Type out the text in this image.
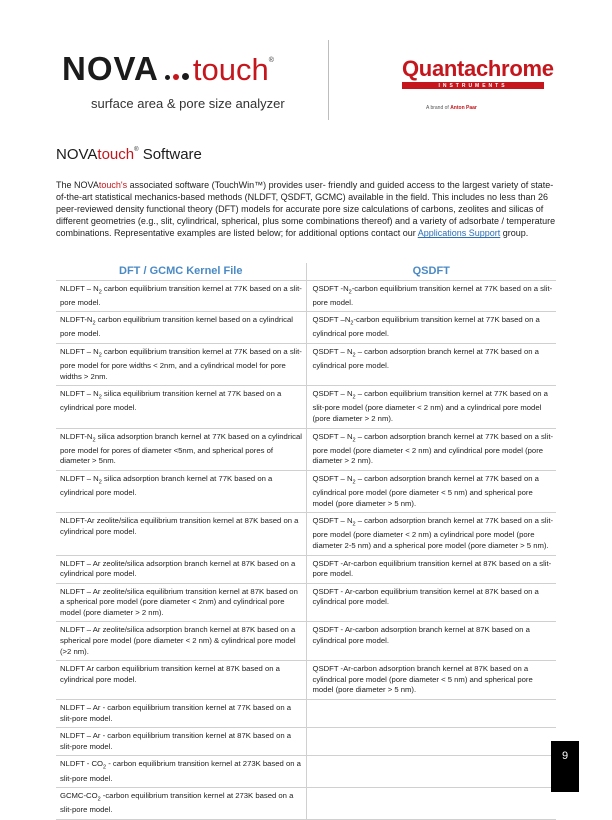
NOVA touch ®
surface area & pore size analyzer
Quantachrome
INSTRUMENTS
A brand of Anton Paar
NOVAtouch® Software

The NOVAtouch's associated software (TouchWin™) provides user- friendly and guided access to the largest variety of state-of-the-art statistical mechanics-based methods (NLDFT, QSDFT, GCMC) available in the field. This includes no less than 26 peer-reviewed density functional theory (DFT) models for accurate pore size calculations of carbons, zeolites and silicas of different geometries (e.g., slit, cylindrical, spherical, plus some combinations thereof) and a variety of adsorbate / temperature combinations. Representative examples are listed below; for additional options contact our Applications Support group.

DFT / GCMC Kernel File	QSDFT
NLDFT – $N_2$ carbon equilibrium transition kernel at 77K based on a slit-pore model.	QSDFT $-N_2$-carbon equilibrium transition kernel at 77K based on a slit-pore model.
NLDFT-$N_2$ carbon equilibrium transition kernel based on a cylindrical pore model.	QSDFT $-N_2$-carbon equilibrium transition kernel at 77K based on a cylindrical pore model.
NLDFT – $N_2$ carbon equilibrium transition kernel at 77K based on a slit-pore model for pore widths < 2nm, and a cylindrical model for pore widths > 2nm.	QSDFT – $N_2$ – carbon adsorption branch kernel at 77K based on a cylindrical pore model.
NLDFT – $N_2$ silica equilibrium transition kernel at 77K based on a cylindrical pore model.	QSDFT – $N_2$ – carbon equilibrium transition kernel at 77K based on a slit-pore model (pore diameter < 2 nm) and a cylindrical pore model (pore diameter > 2 nm).
NLDFT-$N_2$ silica adsorption branch kernel at 77K based on a cylindrical pore model for pores of diameter <5nm, and spherical pores of diameter > 5nm.	QSDFT – $N_2$ – carbon adsorption branch kernel at 77K based on a slit-pore model (pore diameter < 2 nm) and cylindrical pore model (pore diameter > 2 nm).
NLDFT – $N_2$ silica adsorption branch kernel at 77K based on a cylindrical pore model.	QSDFT – $N_2$ – carbon adsorption branch kernel at 77K based on a cylindrical pore model (pore diameter < 5 nm) and spherical pore model (pore diameter > 5 nm).
NLDFT-Ar zeolite/silica equilibrium transition kernel at 87K based on a cylindrical pore model.	QSDFT – $N_2$ – carbon adsorption branch kernel at 77K based on a slit-pore model (pore diameter < 2 nm) a cylindrical pore model (pore diameter 2-5 nm) and a spherical pore model (pore diameter > 5 nm).
NLDFT – Ar zeolite/silica adsorption branch kernel at 87K based on a cylindrical pore model.	QSDFT -Ar-carbon equilibrium transition kernel at 87K based on a slit-pore model.
NLDFT – Ar zeolite/silica equilibrium transition kernel at 87K based on a spherical pore model (pore diameter < 2nm) and cylindrical pore model (pore diameter > 2 nm).	QSDFT - Ar-carbon equilibrium transition kernel at 87K based on a cylindrical pore model.
NLDFT – Ar zeolite/silica adsorption branch kernel at 87K based on a spherical pore model (pore diameter < 2 nm) & cylindrical pore model (>2 nm).	QSDFT - Ar-carbon adsorption branch kernel at 87K based on a cylindrical pore model.
NLDFT Ar carbon equilibrium transition kernel at 87K based on a cylindrical pore model.	QSDFT -Ar-carbon adsorption branch kernel at 87K based on a cylindrical pore model (pore diameter < 5 nm) and spherical pore model (pore diameter > 5 nm).
NLDFT – Ar - carbon equilibrium transition kernel at 77K based on a slit-pore model.	
NLDFT – Ar - carbon equilibrium transition kernel at 87K based on a slit-pore model.	
NLDFT - $CO_2$ - carbon equilibrium transition kernel at 273K based on a slit-pore model.	
GCMC-$CO_2$ -carbon equilibrium transition kernel at 273K based on a slit-pore model.	
9
